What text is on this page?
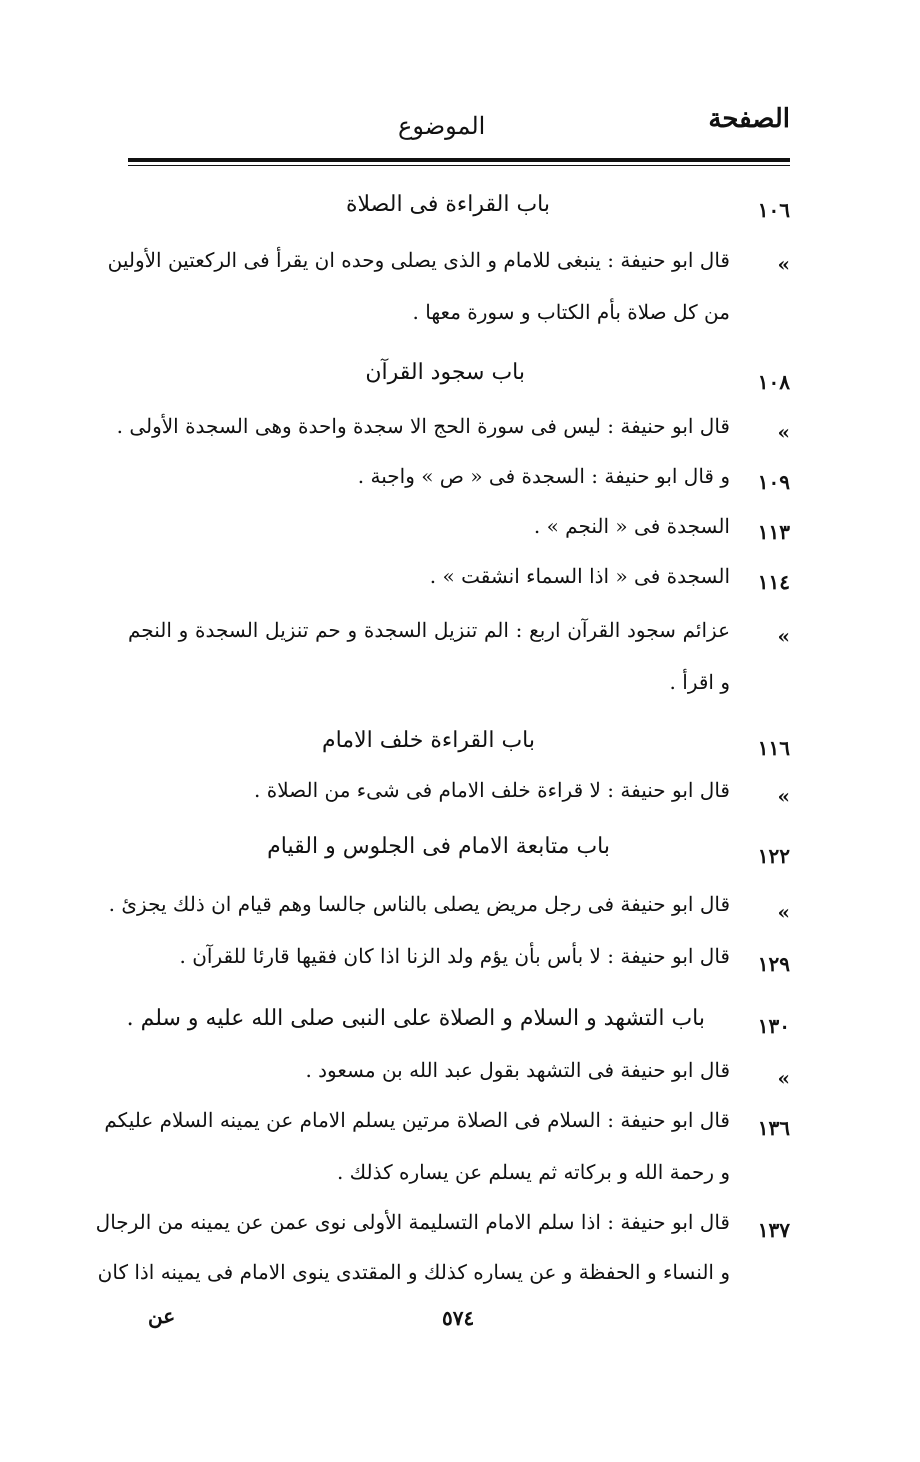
الصفحة
الموضوع
١٠٦
باب القراءة فى الصلاة
»
قال ابو حنيفة : ينبغى للامام و الذى يصلى وحده ان يقرأ فى الركعتين الأولين
من كل صلاة بأم الكتاب و سورة معها .
١٠٨
باب سجود القرآن
»
قال ابو حنيفة : ليس فى سورة الحج الا سجدة واحدة وهى السجدة الأولى .
١٠٩
و قال ابو حنيفة : السجدة فى « ص » واجبة .
١١٣
السجدة فى « النجم » .
١١٤
السجدة فى « اذا السماء انشقت » .
»
عزائم سجود القرآن اربع : الم تنزيل السجدة و حم تنزيل السجدة و النجم
و اقرأ .
١١٦
باب القراءة خلف الامام
»
قال ابو حنيفة : لا قراءة خلف الامام فى شىء من الصلاة .
١٢٢
باب متابعة الامام فى الجلوس و القيام
»
قال ابو حنيفة فى رجل مريض يصلى بالناس جالسا وهم قيام ان ذلك يجزئ .
١٢٩
قال ابو حنيفة : لا بأس بأن يؤم ولد الزنا اذا كان فقيها قارئا للقرآن .
١٣٠
باب التشهد و السلام و الصلاة على النبى صلى الله عليه و سلم .
»
قال ابو حنيفة فى التشهد بقول عبد الله بن مسعود .
١٣٦
قال ابو حنيفة : السلام فى الصلاة مرتين يسلم الامام عن يمينه السلام عليكم
و رحمة الله و بركاته ثم يسلم عن يساره كذلك .
١٣٧
قال ابو حنيفة : اذا سلم الامام التسليمة الأولى نوى عمن عن يمينه من الرجال
و النساء و الحفظة و عن يساره كذلك و المقتدى ينوى الامام فى يمينه اذا كان
عن	٥٧٤
